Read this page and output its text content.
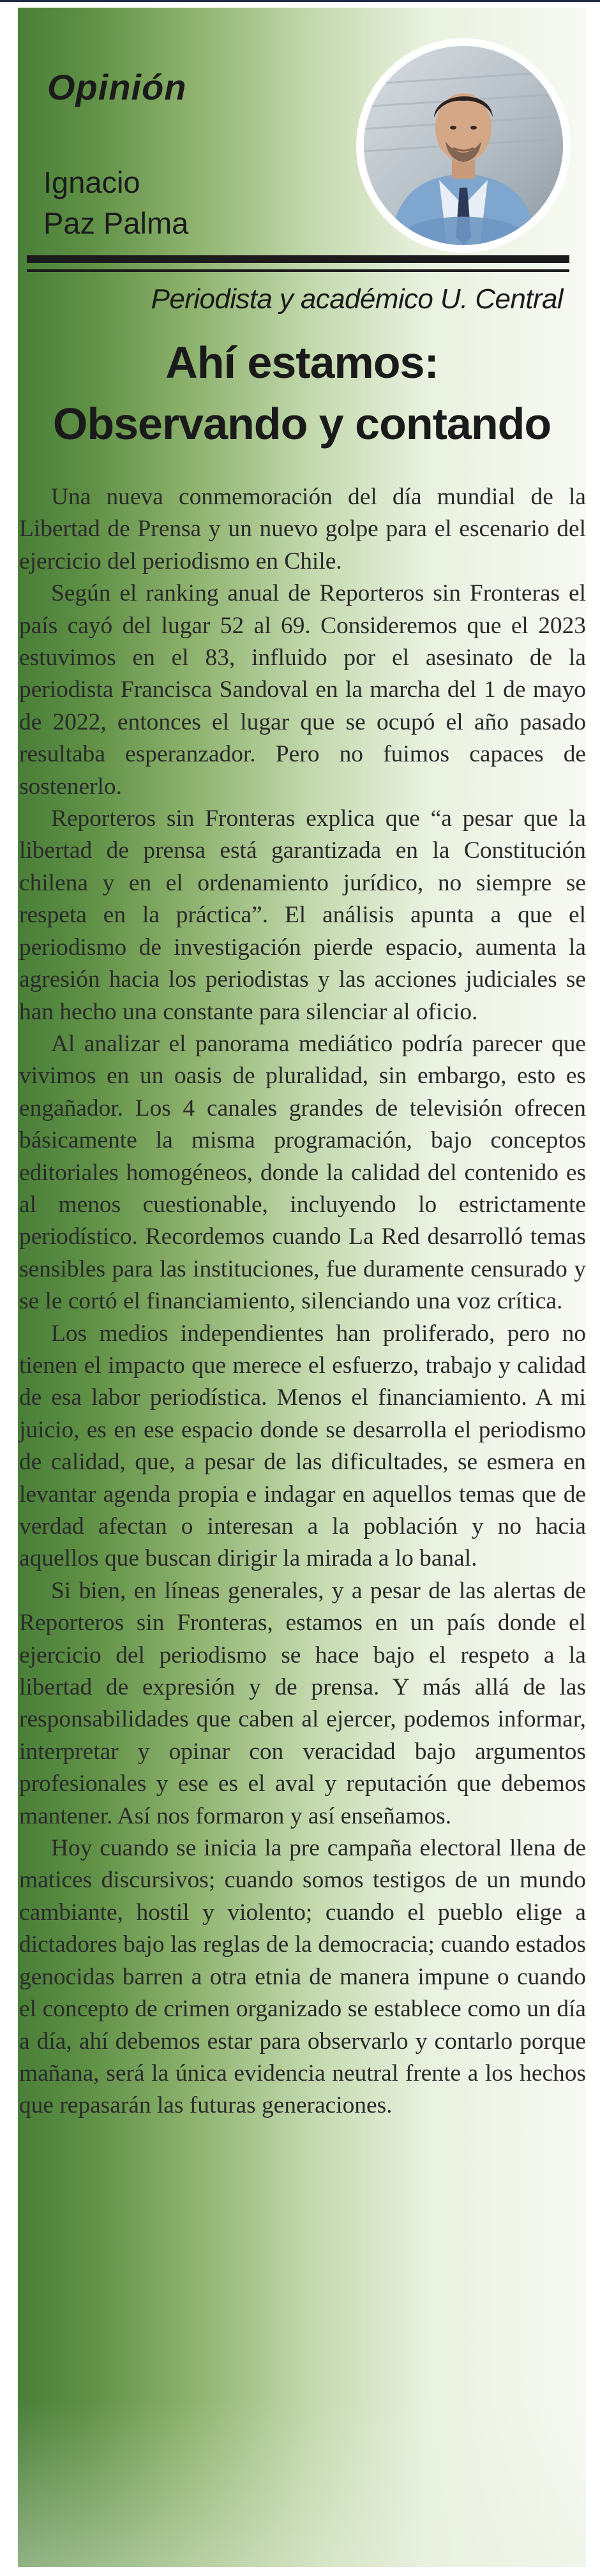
Opinión
Ignacio
Paz Palma
Periodista y académico U. Central
Ahí estamos:
Observando y contando

Una nueva conmemoración del día mundial de la Libertad de Prensa y un nuevo golpe para el escenario del ejercicio del periodismo en Chile.

Según el ranking anual de Reporteros sin Fronteras el país cayó del lugar 52 al 69. Consideremos que el 2023 estuvimos en el 83, influido por el asesinato de la periodista Francisca Sandoval en la marcha del 1 de mayo de 2022, entonces el lugar que se ocupó el año pasado resultaba esperanzador. Pero no fuimos capaces de sostenerlo.

Reporteros sin Fronteras explica que “a pesar que la libertad de prensa está garantizada en la Constitución chilena y en el ordenamiento jurídico, no siempre se respeta en la práctica”. El análisis apunta a que el periodismo de investigación pierde espacio, aumenta la agresión hacia los periodistas y las acciones judiciales se han hecho una constante para silenciar al oficio.

Al analizar el panorama mediático podría parecer que vivimos en un oasis de pluralidad, sin embargo, esto es engañador. Los 4 canales grandes de televisión ofrecen básicamente la misma programación, bajo conceptos editoriales homogéneos, donde la calidad del contenido es al menos cuestionable, incluyendo lo estrictamente periodístico. Recordemos cuando La Red desarrolló temas sensibles para las instituciones, fue duramente censurado y se le cortó el financiamiento, silenciando una voz crítica.

Los medios independientes han proliferado, pero no tienen el impacto que merece el esfuerzo, trabajo y calidad de esa labor periodística. Menos el financiamiento. A mi juicio, es en ese espacio donde se desarrolla el periodismo de calidad, que, a pesar de las dificultades, se esmera en levantar agenda propia e indagar en aquellos temas que de verdad afectan o interesan a la población y no hacia aquellos que buscan dirigir la mirada a lo banal.

Si bien, en líneas generales, y a pesar de las alertas de Reporteros sin Fronteras, estamos en un país donde el ejercicio del periodismo se hace bajo el respeto a la libertad de expresión y de prensa. Y más allá de las responsabilidades que caben al ejercer, podemos informar, interpretar y opinar con veracidad bajo argumentos profesionales y ese es el aval y reputación que debemos mantener. Así nos formaron y así enseñamos.

Hoy cuando se inicia la pre campaña electoral llena de matices discursivos; cuando somos testigos de un mundo cambiante, hostil y violento; cuando el pueblo elige a dictadores bajo las reglas de la democracia; cuando estados genocidas barren a otra etnia de manera impune o cuando el concepto de crimen organizado se establece como un día a día, ahí debemos estar para observarlo y contarlo porque mañana, será la única evidencia neutral frente a los hechos que repasarán las futuras generaciones.
